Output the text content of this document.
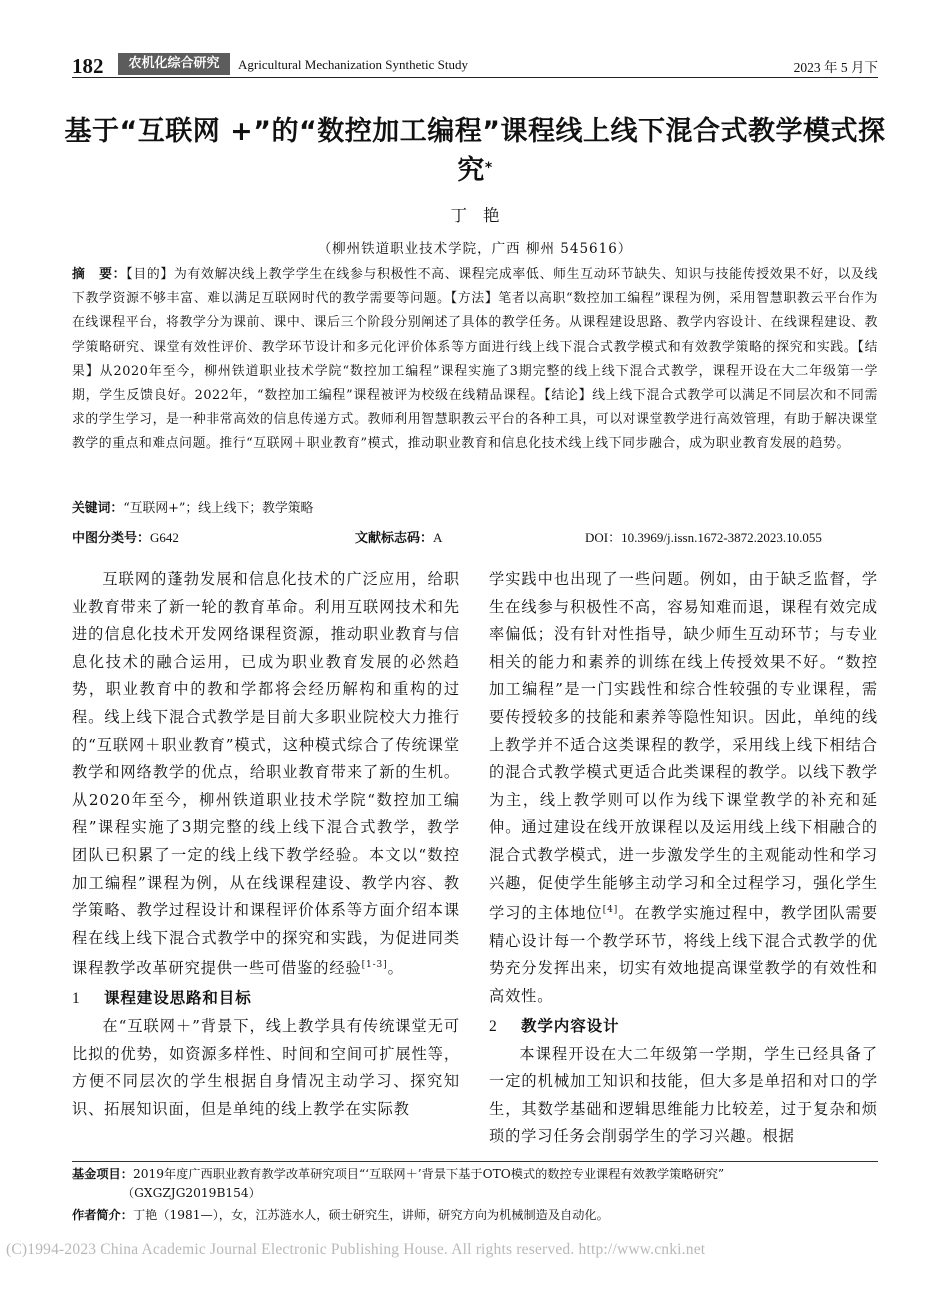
182	农机化综合研究	Agricultural Mechanization Synthetic Study	2023 年 5 月下
基于“互联网 +”的“数控加工编程”课程线上线下混合式教学模式探究*
丁艳
（柳州铁道职业技术学院，广西 柳州 545616）
摘　要：【目的】为有效解决线上教学学生在线参与积极性不高、课程完成率低、师生互动环节缺失、知识与技能传授效果不好，以及线下教学资源不够丰富、难以满足互联网时代的教学需要等问题。【方法】笔者以高职“数控加工编程”课程为例，采用智慧职教云平台作为在线课程平台，将教学分为课前、课中、课后三个阶段分别阐述了具体的教学任务。从课程建设思路、教学内容设计、在线课程建设、教学策略研究、课堂有效性评价、教学环节设计和多元化评价体系等方面进行线上线下混合式教学模式和有效教学策略的探究和实践。【结果】从2020年至今，柳州铁道职业技术学院“数控加工编程”课程实施了3期完整的线上线下混合式教学，课程开设在大二年级第一学期，学生反馈良好。2022年，“数控加工编程”课程被评为校级在线精品课程。【结论】线上线下混合式教学可以满足不同层次和不同需求的学生学习，是一种非常高效的信息传递方式。教师利用智慧职教云平台的各种工具，可以对课堂教学进行高效管理，有助于解决课堂教学的重点和难点问题。推行“互联网＋职业教育”模式，推动职业教育和信息化技术线上线下同步融合，成为职业教育发展的趋势。
关键词：“互联网+”；线上线下；教学策略
中图分类号：G642	文献标志码：A	DOI：10.3969/j.issn.1672-3872.2023.10.055

互联网的蓬勃发展和信息化技术的广泛应用，给职业教育带来了新一轮的教育革命。利用互联网技术和先进的信息化技术开发网络课程资源，推动职业教育与信息化技术的融合运用，已成为职业教育发展的必然趋势，职业教育中的教和学都将会经历解构和重构的过程。线上线下混合式教学是目前大多职业院校大力推行的“互联网＋职业教育”模式，这种模式综合了传统课堂教学和网络教学的优点，给职业教育带来了新的生机。从2020年至今，柳州铁道职业技术学院“数控加工编程”课程实施了3期完整的线上线下混合式教学，教学团队已积累了一定的线上线下教学经验。本文以“数控加工编程”课程为例，从在线课程建设、教学内容、教学策略、教学过程设计和课程评价体系等方面介绍本课程在线上线下混合式教学中的探究和实践，为促进同类课程教学改革研究提供一些可借鉴的经验[1-3]。

1 课程建设思路和目标

在“互联网＋”背景下，线上教学具有传统课堂无可比拟的优势，如资源多样性、时间和空间可扩展性等，方便不同层次的学生根据自身情况主动学习、探究知识、拓展知识面，但是单纯的线上教学在实际教

学实践中也出现了一些问题。例如，由于缺乏监督，学生在线参与积极性不高，容易知难而退，课程有效完成率偏低；没有针对性指导，缺少师生互动环节；与专业相关的能力和素养的训练在线上传授效果不好。“数控加工编程”是一门实践性和综合性较强的专业课程，需要传授较多的技能和素养等隐性知识。因此，单纯的线上教学并不适合这类课程的教学，采用线上线下相结合的混合式教学模式更适合此类课程的教学。以线下教学为主，线上教学则可以作为线下课堂教学的补充和延伸。通过建设在线开放课程以及运用线上线下相融合的混合式教学模式，进一步激发学生的主观能动性和学习兴趣，促使学生能够主动学习和全过程学习，强化学生学习的主体地位[4]。在教学实施过程中，教学团队需要精心设计每一个教学环节，将线上线下混合式教学的优势充分发挥出来，切实有效地提高课堂教学的有效性和高效性。

2 教学内容设计

本课程开设在大二年级第一学期，学生已经具备了一定的机械加工知识和技能，但大多是单招和对口的学生，其数学基础和逻辑思维能力比较差，过于复杂和烦琐的学习任务会削弱学生的学习兴趣。根据

基金项目：2019年度广西职业教育教学改革研究项目“‘互联网＋’背景下基于OTO模式的数控专业课程有效教学策略研究”
（GXGZJG2019B154）
作者简介：丁艳（1981—），女，江苏涟水人，硕士研究生，讲师，研究方向为机械制造及自动化。
(C)1994-2023 China Academic Journal Electronic Publishing House. All rights reserved. http://www.cnki.net
